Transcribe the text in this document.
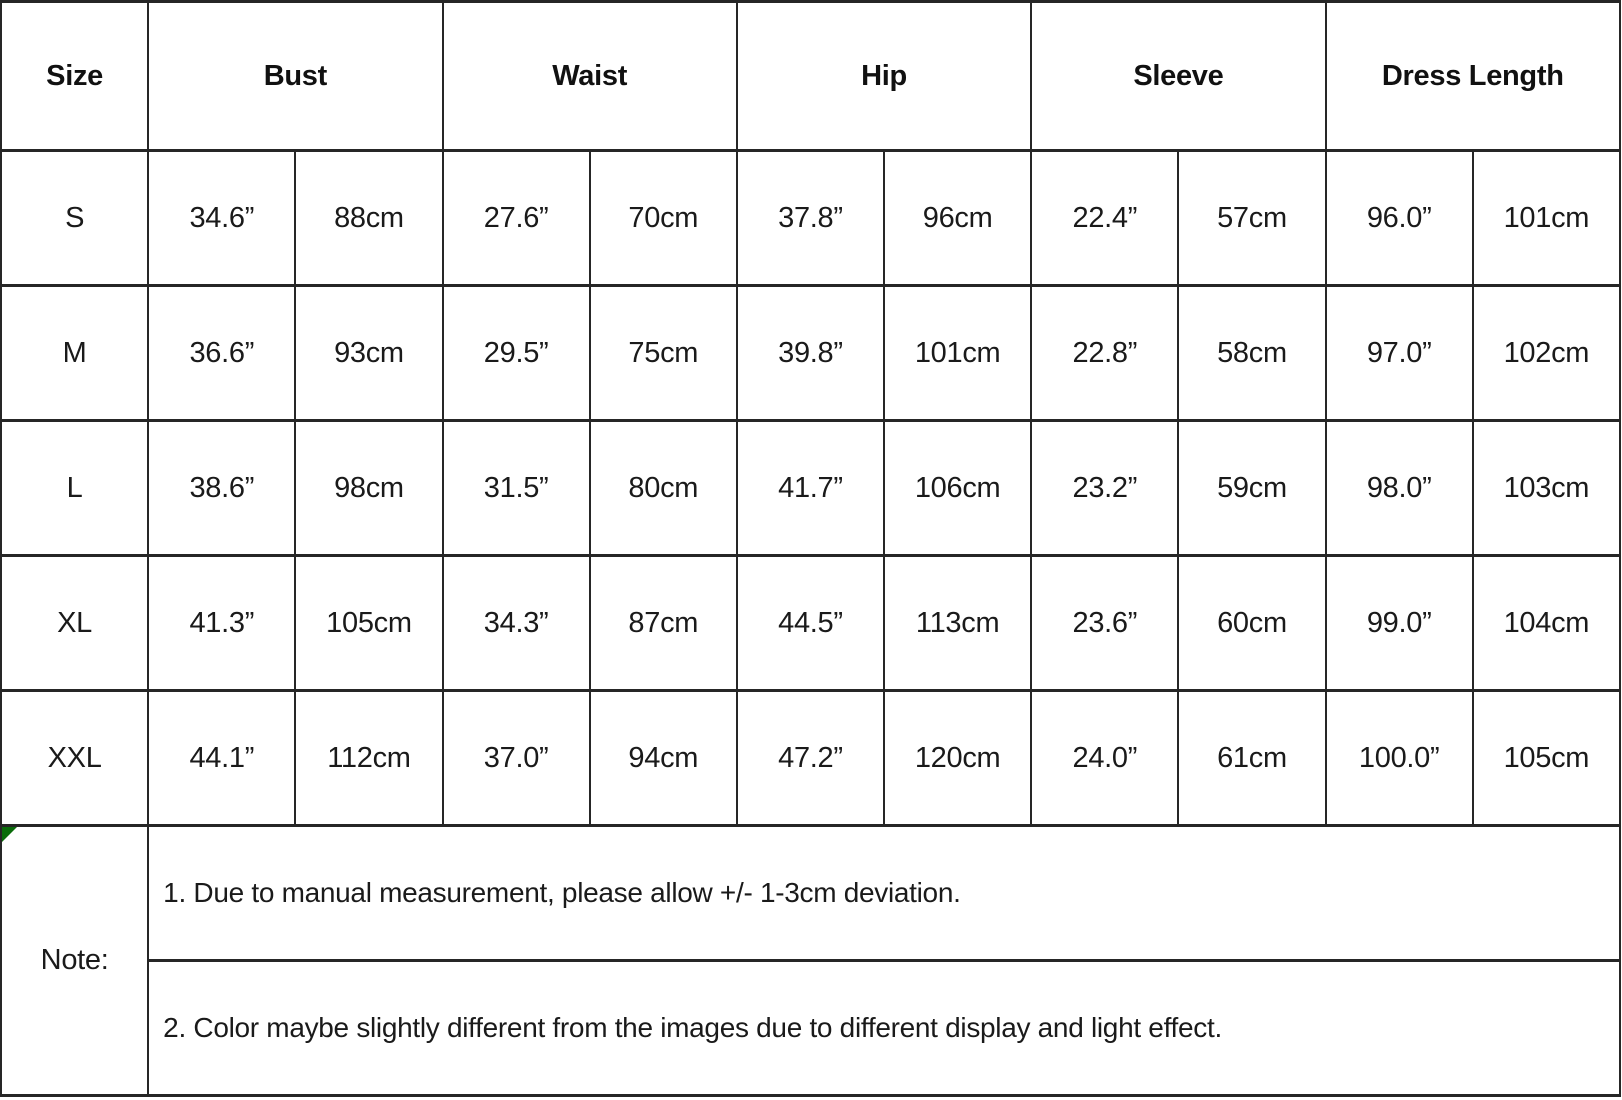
Size	Bust		Waist		Hip		Sleeve		Dress Length	
S	34.6”	88cm	27.6”	70cm	37.8”	96cm	22.4”	57cm	96.0”	101cm
M	36.6”	93cm	29.5”	75cm	39.8”	101cm	22.8”	58cm	97.0”	102cm
L	38.6”	98cm	31.5”	80cm	41.7”	106cm	23.2”	59cm	98.0”	103cm
XL	41.3”	105cm	34.3”	87cm	44.5”	113cm	23.6”	60cm	99.0”	104cm
XXL	44.1”	112cm	37.0”	94cm	47.2”	120cm	24.0”	61cm	100.0”	105cm

Note:	1. Due to manual measurement, please allow +/- 1-3cm deviation.									
	2. Color maybe slightly different from the images due to different display and light effect.									
